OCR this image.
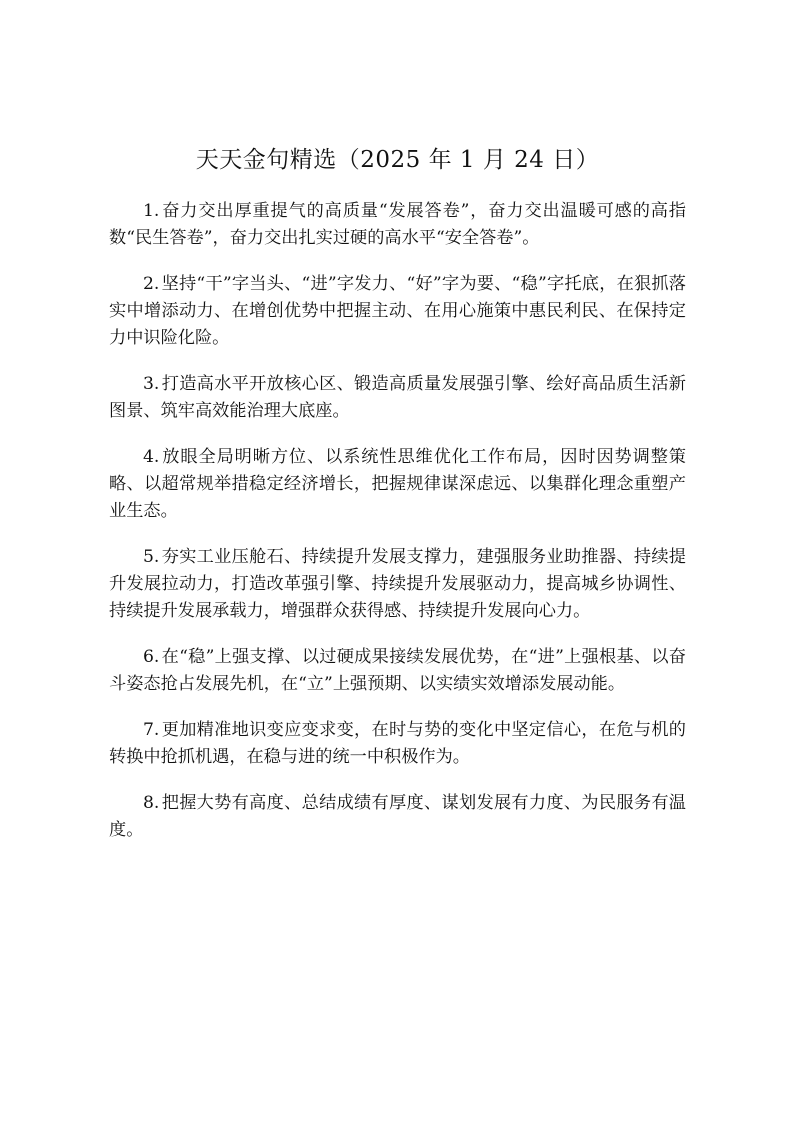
天天金句精选（2025 年 1 月 24 日）

1. 奋力交出厚重提气的高质量“发展答卷”，奋力交出温暖可感的高指数“民生答卷”，奋力交出扎实过硬的高水平“安全答卷”。

2. 坚持“干”字当头、“进”字发力、“好”字为要、“稳”字托底，在狠抓落实中增添动力、在增创优势中把握主动、在用心施策中惠民利民、在保持定力中识险化险。

3. 打造高水平开放核心区、锻造高质量发展强引擎、绘好高品质生活新图景、筑牢高效能治理大底座。

4. 放眼全局明晰方位、以系统性思维优化工作布局，因时因势调整策略、以超常规举措稳定经济增长，把握规律谋深虑远、以集群化理念重塑产业生态。

5. 夯实工业压舱石、持续提升发展支撑力，建强服务业助推器、持续提升发展拉动力，打造改革强引擎、持续提升发展驱动力，提高城乡协调性、持续提升发展承载力，增强群众获得感、持续提升发展向心力。

6. 在“稳”上强支撑、以过硬成果接续发展优势，在“进”上强根基、以奋斗姿态抢占发展先机，在“立”上强预期、以实绩实效增添发展动能。

7. 更加精准地识变应变求变，在时与势的变化中坚定信心，在危与机的转换中抢抓机遇，在稳与进的统一中积极作为。

8. 把握大势有高度、总结成绩有厚度、谋划发展有力度、为民服务有温度。
